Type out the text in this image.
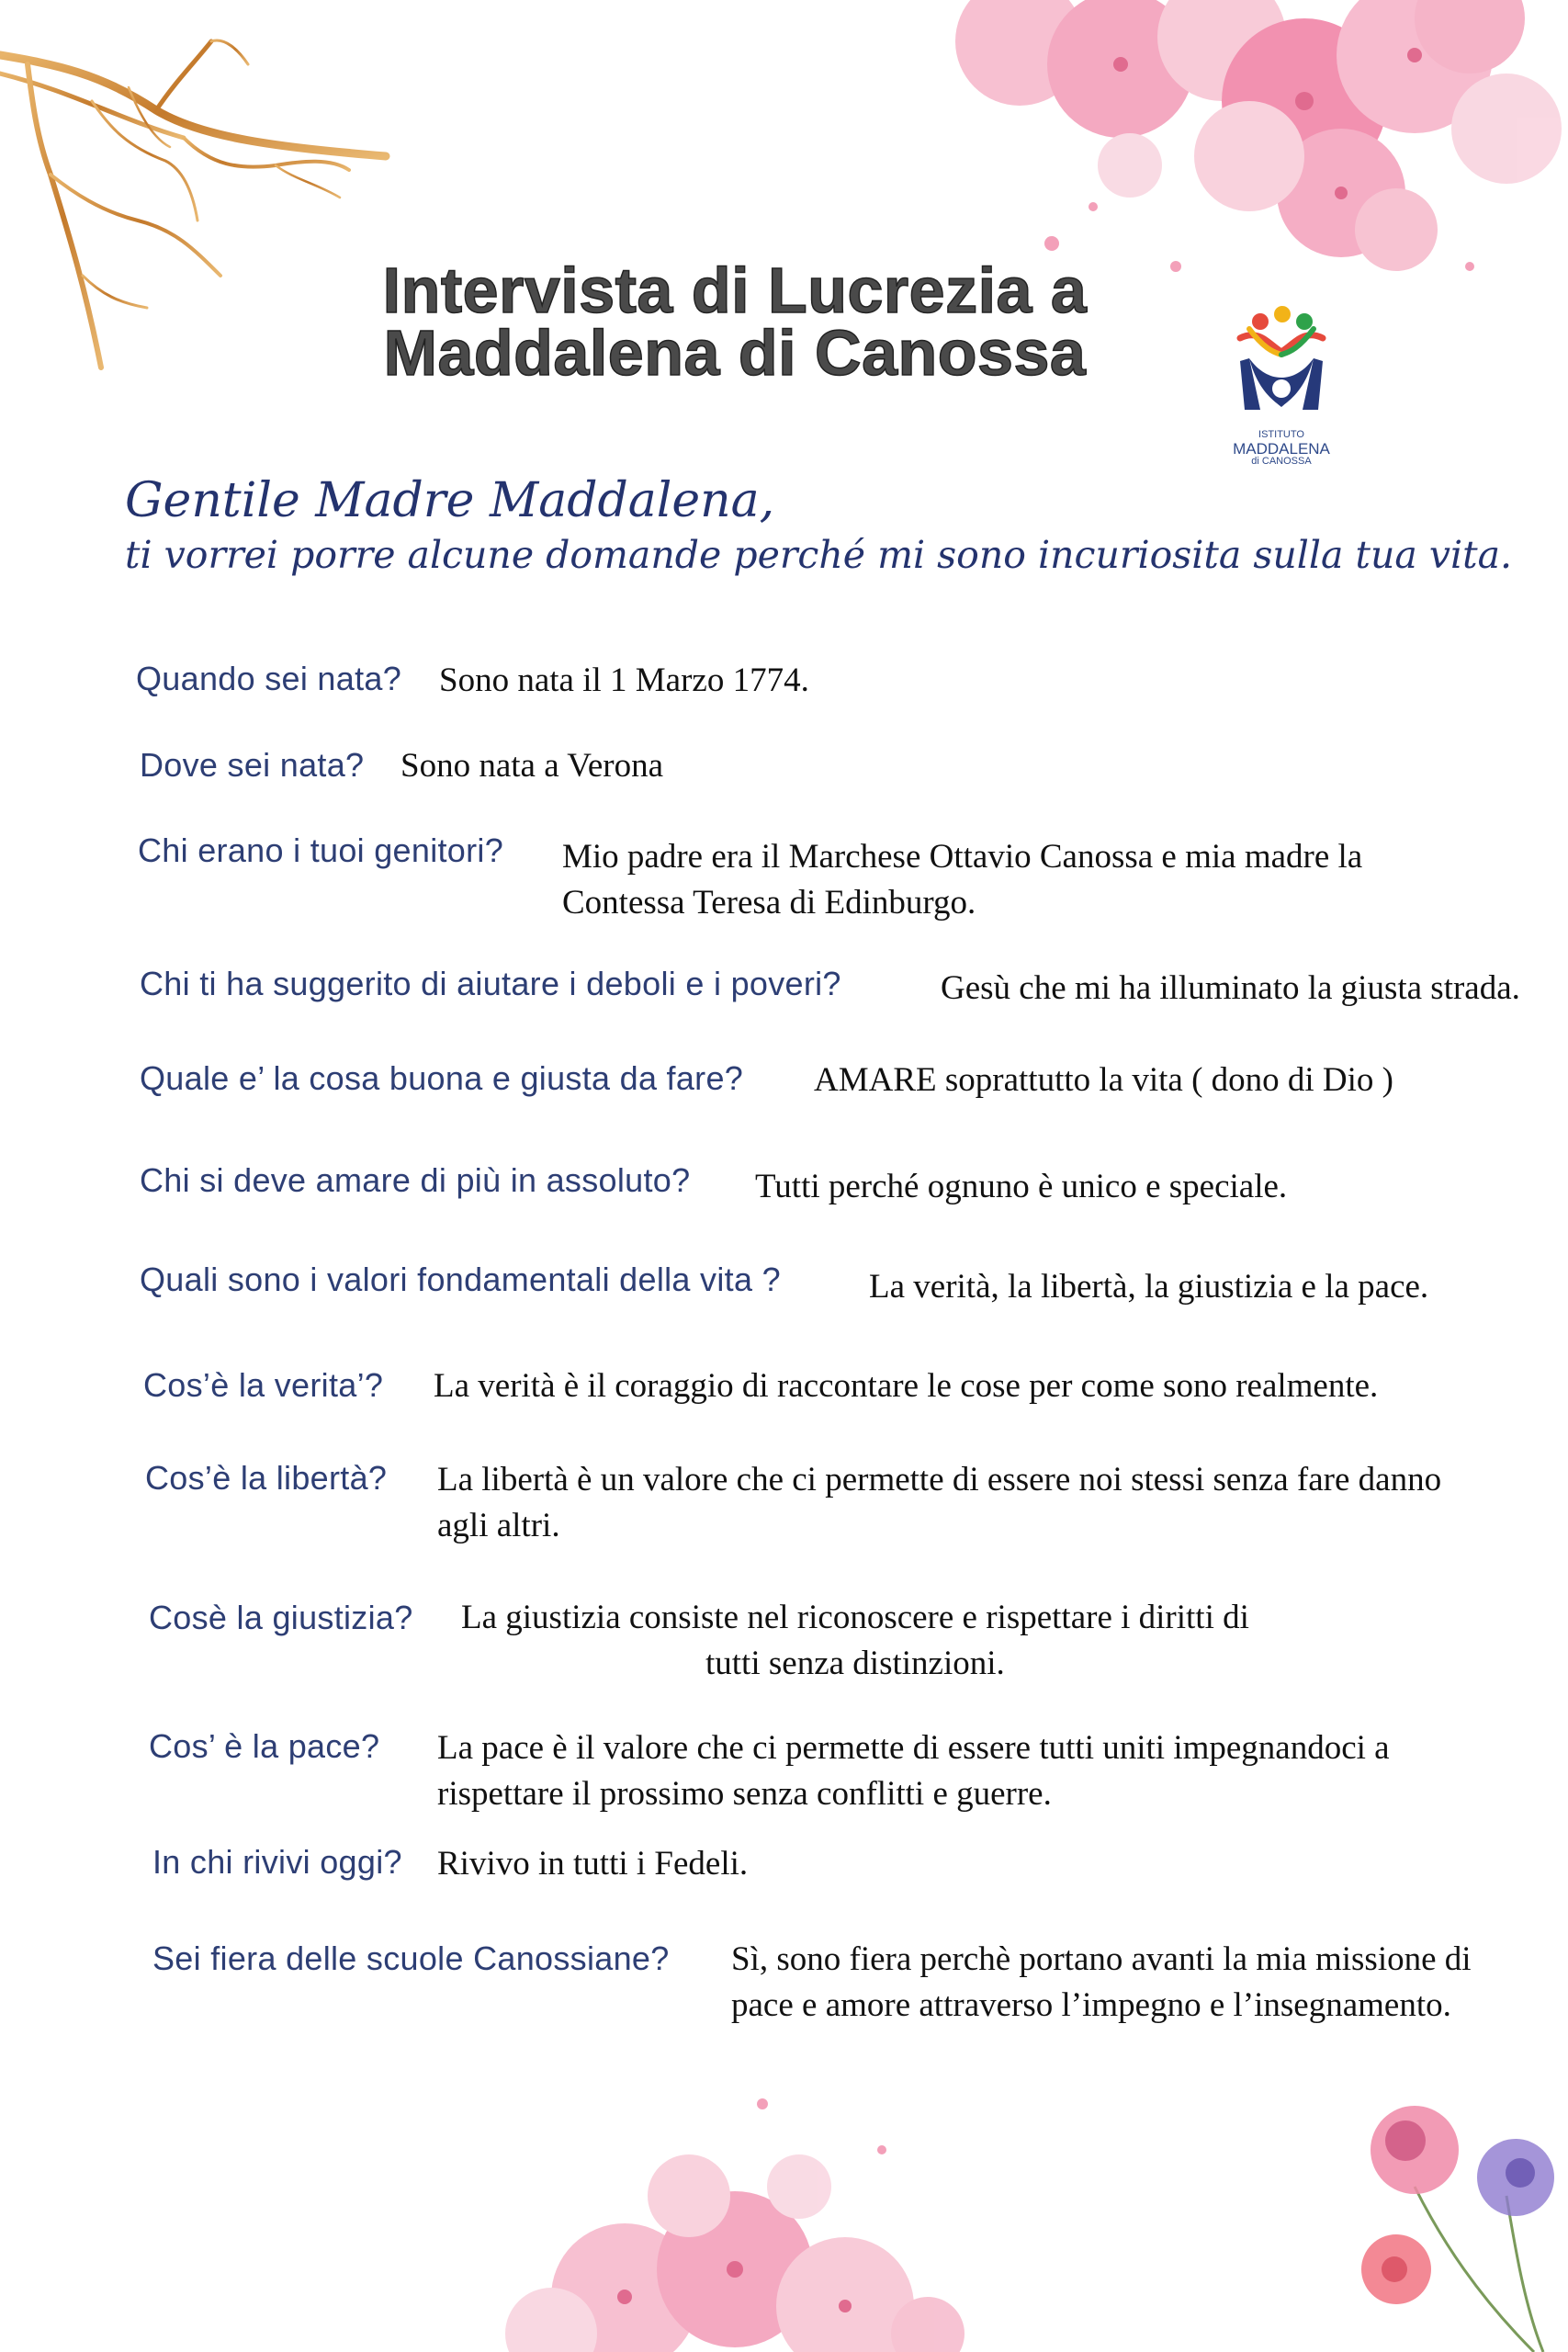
Intervista di Lucrezia a
Maddalena di Canossa
ISTITUTO
MADDALENA
di CANOSSA
Gentile Madre Maddalena,
ti vorrei porre alcune domande perché mi sono incuriosita sulla tua vita.
Quando sei nata? Sono nata il 1 Marzo 1774.
Dove sei nata? Sono nata a Verona
Chi erano i tuoi genitori? Mio padre era il Marchese Ottavio Canossa e mia madre la
Contessa Teresa di Edinburgo.
Chi ti ha suggerito di aiutare i deboli e i poveri?	Gesù che mi ha illuminato la giusta strada.
Quale e’ la cosa buona e giusta da fare? AMARE soprattutto la vita ( dono di Dio )
Chi si deve amare di più in assoluto? Tutti perché ognuno è unico e speciale.
Quali sono i valori fondamentali della vita ?	La verità, la libertà, la giustizia e la pace.
Cos’è la verita’? La verità è il coraggio di raccontare le cose per come sono realmente.
Cos’è la libertà? La libertà è un valore che ci permette di essere noi stessi senza fare danno
agli altri.
Cosè la giustizia? La giustizia consiste nel riconoscere e rispettare i diritti di
tutti senza distinzioni.
Cos’ è la pace? La pace è il valore che ci permette di essere tutti uniti impegnandoci a
rispettare il prossimo senza conflitti e guerre.
In chi rivivi oggi? Rivivo in tutti i Fedeli.
Sei fiera delle scuole Canossiane? Sì, sono fiera perchè portano avanti la mia missione di
pace e amore attraverso l’impegno e l’insegnamento.
